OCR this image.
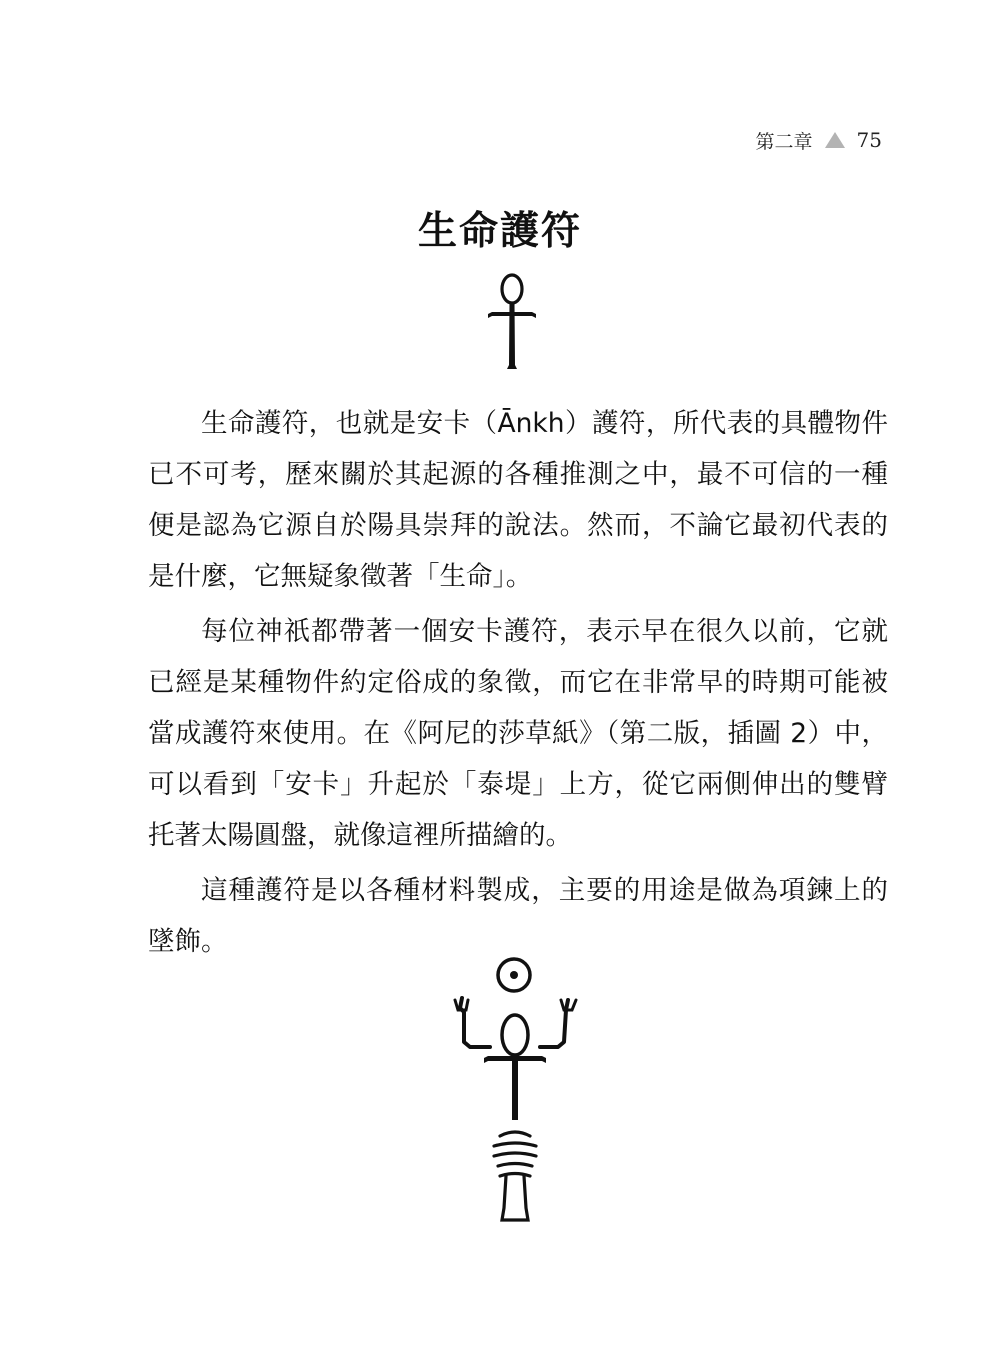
第二章 75
生命護符

生命護符，也就是安卡（Ānkh）護符，所代表的具體物件已不可考，歷來關於其起源的各種推測之中，最不可信的一種便是認為它源自於陽具崇拜的說法。然而，不論它最初代表的是什麼，它無疑象徵著「生命」。

每位神祇都帶著一個安卡護符，表示早在很久以前，它就已經是某種物件約定俗成的象徵，而它在非常早的時期可能被當成護符來使用。在《阿尼的莎草紙》（第二版，插圖 2）中，可以看到「安卡」升起於「泰堤」上方，從它兩側伸出的雙臂托著太陽圓盤，就像這裡所描繪的。

這種護符是以各種材料製成，主要的用途是做為項鍊上的墜飾。
